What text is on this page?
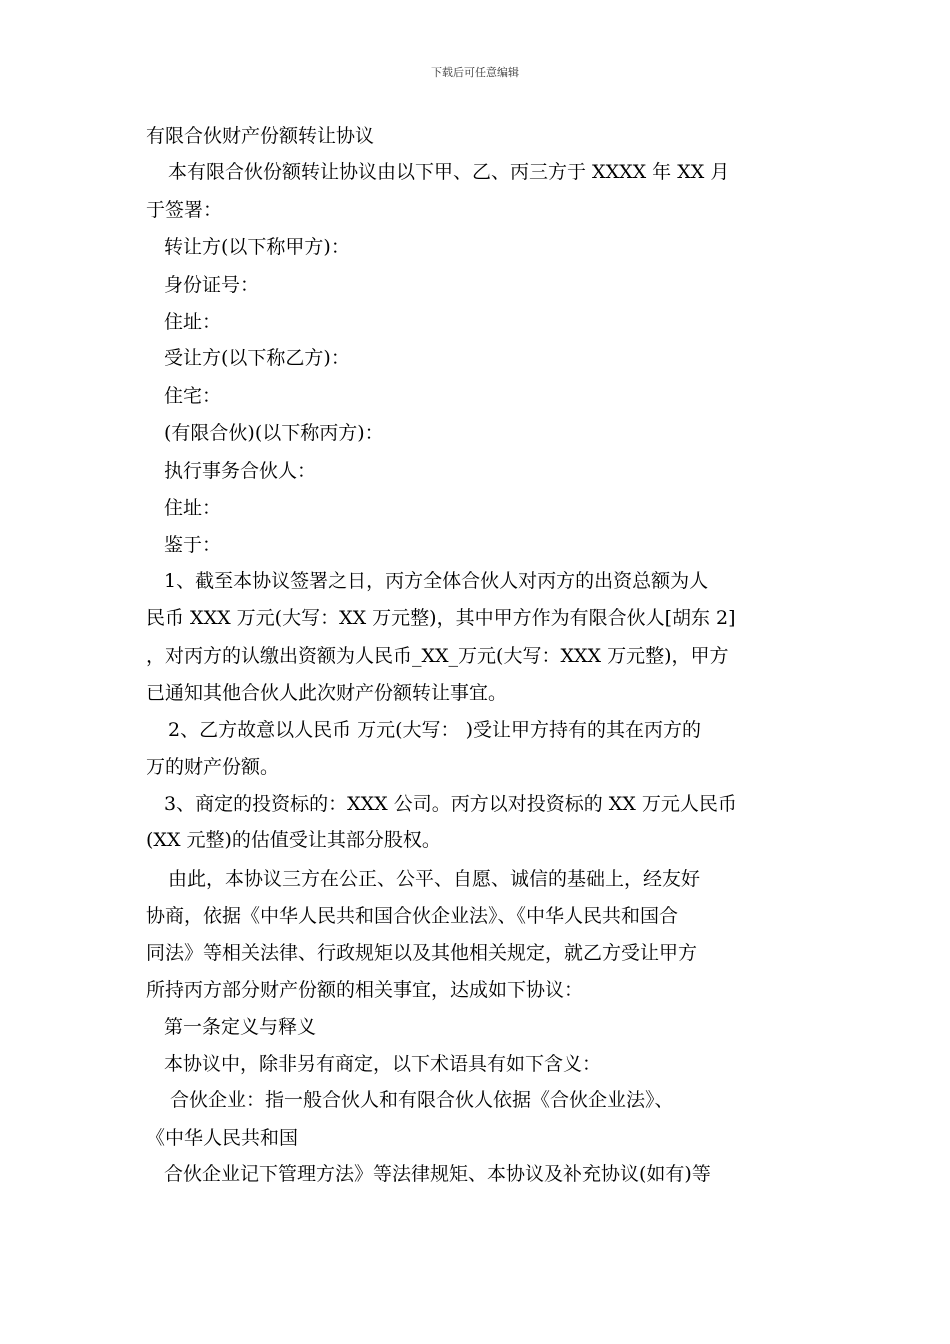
下载后可任意编辑
有限合伙财产份额转让协议
本有限合伙份额转让协议由以下甲、乙、丙三方于 XXXX 年 XX 月
于签署：
转让方(以下称甲方)：
身份证号：
住址：
受让方(以下称乙方)：
住宅：
(有限合伙)(以下称丙方)：
执行事务合伙人：
住址：
鉴于：
1、截至本协议签署之日，丙方全体合伙人对丙方的出资总额为人
民币 XXX 万元(大写：XX 万元整)，其中甲方作为有限合伙人[胡东 2]
，对丙方的认缴出资额为人民币_XX_万元(大写：XXX 万元整)，甲方
已通知其他合伙人此次财产份额转让事宜。
2、乙方故意以人民币 万元(大写： )受让甲方持有的其在丙方的
万的财产份额。
3、商定的投资标的：XXX 公司。丙方以对投资标的 XX 万元人民币
(XX 元整)的估值受让其部分股权。
由此，本协议三方在公正、公平、自愿、诚信的基础上，经友好
协商，依据《中华人民共和国合伙企业法》、《中华人民共和国合
同法》等相关法律、行政规矩以及其他相关规定，就乙方受让甲方
所持丙方部分财产份额的相关事宜，达成如下协议：
第一条定义与释义
本协议中，除非另有商定，以下术语具有如下含义：
合伙企业：指一般合伙人和有限合伙人依据《合伙企业法》、
《中华人民共和国
合伙企业记下管理方法》等法律规矩、本协议及补充协议(如有)等
